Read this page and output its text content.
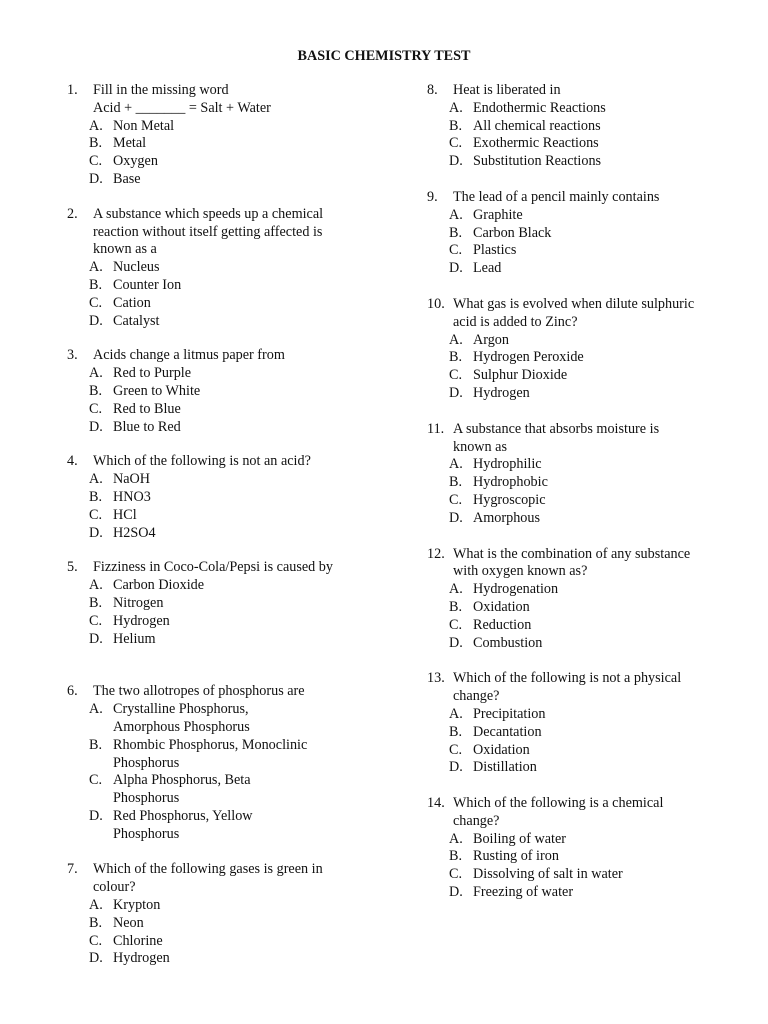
BASIC CHEMISTRY TEST
1. Fill in the missing word
Acid + _______ = Salt + Water
A. Non Metal
B. Metal
C. Oxygen
D. Base
2. A substance which speeds up a chemical
reaction without itself getting affected is
known as a
A. Nucleus
B. Counter Ion
C. Cation
D. Catalyst
3. Acids change a litmus paper from
A. Red to Purple
B. Green to White
C. Red to Blue
D. Blue to Red
4. Which of the following is not an acid?
A. NaOH
B. HNO3
C. HCl
D. H2SO4
5. Fizziness in Coco-Cola/Pepsi is caused by
A. Carbon Dioxide
B. Nitrogen
C. Hydrogen
D. Helium
6. The two allotropes of phosphorus are
A. Crystalline Phosphorus,
Amorphous Phosphorus
B. Rhombic Phosphorus, Monoclinic
Phosphorus
C. Alpha Phosphorus, Beta
Phosphorus
D. Red Phosphorus, Yellow
Phosphorus
7. Which of the following gases is green in
colour?
A. Krypton
B. Neon
C. Chlorine
D. Hydrogen
8. Heat is liberated in
A. Endothermic Reactions
B. All chemical reactions
C. Exothermic Reactions
D. Substitution Reactions
9. The lead of a pencil mainly contains
A. Graphite
B. Carbon Black
C. Plastics
D. Lead
10. What gas is evolved when dilute sulphuric
acid is added to Zinc?
A. Argon
B. Hydrogen Peroxide
C. Sulphur Dioxide
D. Hydrogen
11. A substance that absorbs moisture is
known as
A. Hydrophilic
B. Hydrophobic
C. Hygroscopic
D. Amorphous
12. What is the combination of any substance
with oxygen known as?
A. Hydrogenation
B. Oxidation
C. Reduction
D. Combustion
13. Which of the following is not a physical
change?
A. Precipitation
B. Decantation
C. Oxidation
D. Distillation
14. Which of the following is a chemical
change?
A. Boiling of water
B. Rusting of iron
C. Dissolving of salt in water
D. Freezing of water
